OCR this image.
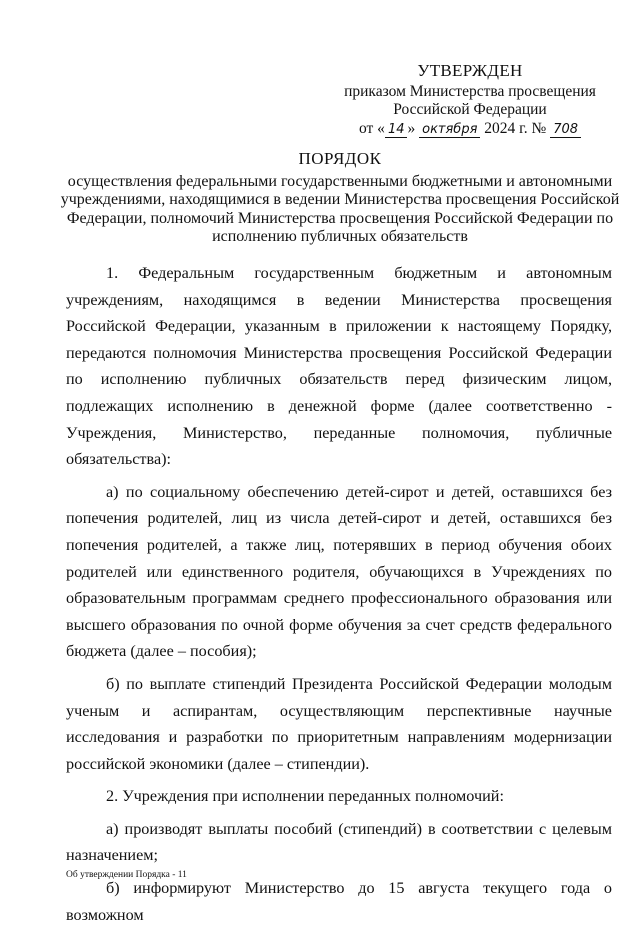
УТВЕРЖДЕН
приказом Министерства просвещения
Российской Федерации
от « 14 » октября 2024 г. № 708
ПОРЯДОК
осуществления федеральными государственными бюджетными и автономными учреждениями, находящимися в ведении Министерства просвещения Российской Федерации, полномочий Министерства просвещения Российской Федерации по исполнению публичных обязательств

1. Федеральным государственным бюджетным и автономным учреждениям, находящимся в ведении Министерства просвещения Российской Федерации, указанным в приложении к настоящему Порядку, передаются полномочия Министерства просвещения Российской Федерации по исполнению публичных обязательств перед физическим лицом, подлежащих исполнению в денежной форме (далее соответственно - Учреждения, Министерство, переданные полномочия, публичные обязательства):

а) по социальному обеспечению детей-сирот и детей, оставшихся без попечения родителей, лиц из числа детей-сирот и детей, оставшихся без попечения родителей, а также лиц, потерявших в период обучения обоих родителей или единственного родителя, обучающихся в Учреждениях по образовательным программам среднего профессионального образования или высшего образования по очной форме обучения за счет средств федерального бюджета (далее – пособия);

б) по выплате стипендий Президента Российской Федерации молодым ученым и аспирантам, осуществляющим перспективные научные исследования и разработки по приоритетным направлениям модернизации российской экономики (далее – стипендии).

2. Учреждения при исполнении переданных полномочий:

а) производят выплаты пособий (стипендий) в соответствии с целевым назначением;

б) информируют Министерство до 15 августа текущего года о возможном

Об утверждении Порядка - 11
